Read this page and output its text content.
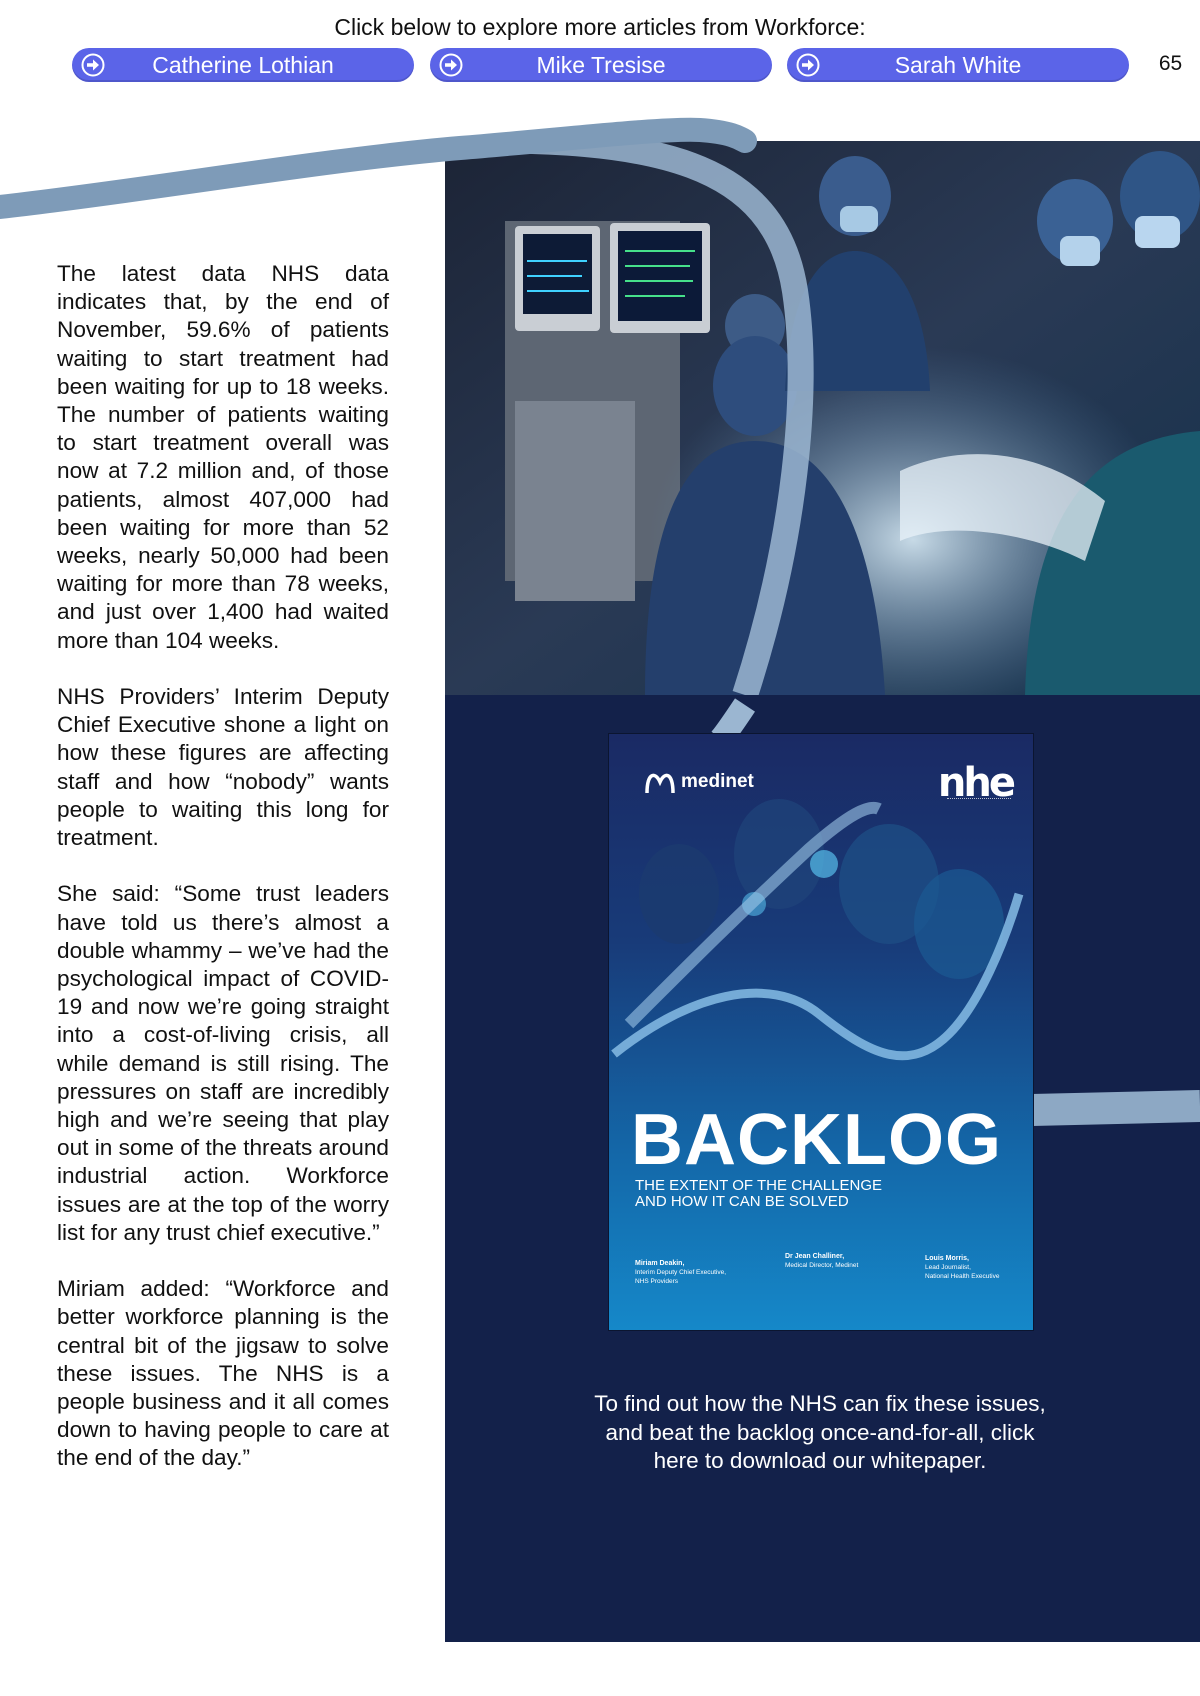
Click below to explore more articles from Workforce:
Catherine Lothian	Mike Tresise	Sarah White	65

The latest data NHS data indicates that, by the end of November, 59.6% of patients waiting to start treatment had been waiting for up to 18 weeks. The number of patients waiting to start treatment overall was now at 7.2 million and, of those patients, almost 407,000 had been waiting for more than 52 weeks, nearly 50,000 had been waiting for more than 78 weeks, and just over 1,400 had waited more than 104 weeks.

NHS Providers’ Interim Deputy Chief Executive shone a light on how these figures are affecting staff and how “nobody” wants people to waiting this long for treatment.

She said: “Some trust leaders have told us there’s almost a double whammy – we’ve had the psychological impact of COVID-19 and now we’re going straight into a cost-of-living crisis, all while demand is still rising. The pressures on staff are incredibly high and we’re seeing that play out in some of the threats around industrial action. Workforce issues are at the top of the worry list for any trust chief executive.”

Miriam added: “Workforce and better workforce planning is the central bit of the jigsaw to solve these issues. The NHS is a people business and it all comes down to having people to care at the end of the day.”

medinet	nhe
BACKLOG
THE EXTENT OF THE CHALLENGE
AND HOW IT CAN BE SOLVED
Miriam Deakin,
Interim Deputy Chief Executive,
NHS Providers
Dr Jean Challiner,
Medical Director, Medinet
Louis Morris,
Lead Journalist,
National Health Executive
To find out how the NHS can fix these issues, and beat the backlog once-and-for-all, click here to download our whitepaper.
